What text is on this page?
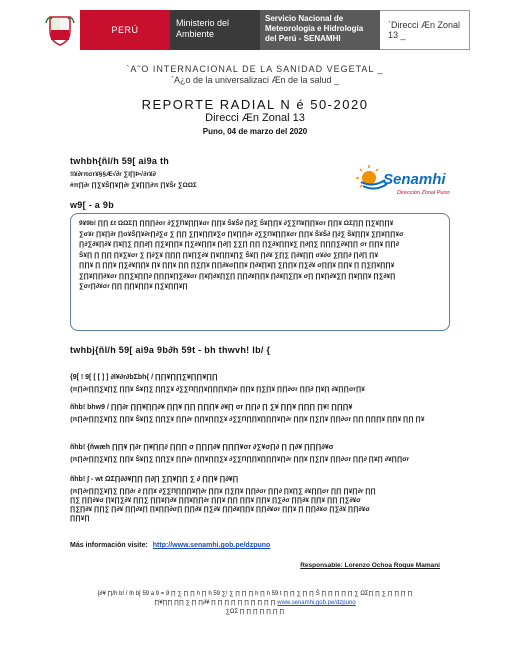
PERÚ
Ministerio del Ambiente
Servicio Nacional de Meteorología e Hidrología del Perú - SENAMHI
`Direcci Æn Zonal 13 _
`A˜O INTERNACIONAL DE LA SANIDAD VEGETAL _
`A¿o de la universalizaci Æn de la salud _
REPORTE RADIAL N é 50-2020
Direcci Æn Zonal 13
Puno, 04 de marzo del 2020
twhbh{ñl/h 59[ ai9a th
!l¥∂rπσr¥§§Æ√∂r ∑l∏Þ√∂r¥∂
#π∏∂r ∏∑¥Ŝ∏¥∏∂r ∑¥∏∏∂π ∏¥Ŝr ∑ΩΩΣ	Senamhi
Dirección Zonal Puno
w9[ - a 9b
9¥9b! ∏∏ £t ΩΩΣ∏ ∏∏∏∂σr ∂∑∑Π¥∏∏¥σr ∏∏¥ Ŝ¥Ŝ∂ ∏∂∑ Ŝ¥∏∏¥ ∂∑∑Π¥∏∏¥σr ∏∏¥ ΩΣ∏∏ ∏∑¥∏∏¥
∑σ¥r ∏¥∏∂r ∏σ¥Ŝ∏¥∂r∏∂∑σ ∑ ∏∏ ∑∏¥∏∏¥∑σ ∏¥∏∏∂r ∂∑∑Π¥∏∏¥σr ∏∏¥ Ŝ¥Ŝ∂ ∏∂∑ Ŝ¥∏∏¥ ∑∏¥∏∏¥σ
∏∂∑∂¥∏∂¥ ∏¥∏∑ ∏∏∂∏ ∏∑¥∏∏¥ ∏∑∂¥∏∏¥ ∏∂∏ ∑∑∏ ∏∏ ∏∑∂¥∏∏¥∑ ∏∂∏∑ ∏∏∏∑∂¥∏∏ σr ∏∏¥ ∏∏∂
Ŝ¥∏ ∏ ∏∏ ∏¥∑¥σr ∑ ∏∂∑¥ ∏∏∏ ∏¥∏∑∂¥ ∏¥∏∏¥∏∑ Ŝ¥∏ ∏∂¥ ∑∏∑ ∏∂¥∏∏ σ¥∂σ ∑∏∏∂ ∏∂∏ ∏¥
∏∏¥ ∏ ∏∏¥ ∏∑∂¥∏∏¥ ∏¥ ∏∏¥ ∏∏ ∏∑∏¥ ∏∏∂¥σ∏∏¥ ∏∂¥∏¥∏ ∑∏∏¥ ∏∑∂¥ σ∏∏¥ ∏∏¥ ∏ ∏∑∏¥∏∏¥
∑∏¥∏∏∂¥σr ∏∏∑¥∏∏∂ ∏∏∏¥∏∑∂¥σr ∏¥∏∂¥∏∑∏ ∏∏∂¥∏∏¥ ∏∂¥∏∑∏¥ σ∏ ∏¥∏∂¥∑∏ ∏¥∏∏¥ ∏∑∂¥∏
∑σr∏∂¥σr ∏∏ ∏∏¥∏∏¥ ∏∑¥∏∏¥∏
twhbj{ñl/h 59[ ai9a 9b∂h 59t - bh thwvh! lb/ {
{9[ ! 9[ [ [ ] ] ∂l¥∂r∂bΣbh{ / ∏∏¥∏∏∑¥∏∏¥∏∏
{π∏∂r∏∏∑¥∏∑ ∏∏¥ Ŝ¥∏∑ ∏∏∑¥ ∂∑∑Π∏∏¥∏∏∏¥∏∂r ∏∏¥ ∏∑∏¥ ∏∏∂σr ∏∏∂ ∏¥∏ ∂¥∏∏σr∏¥
ñhb! bhw9 / ∏∏∂r ∏∏¥∏∏∂¥ ∏∏¥ ∏∏ ∏∏∏¥ ∂¥∏ σr ∏∏∂ ∏ ∑¥ ∏∏¥ ∏∏∏ ∏¥! ∏∏∏¥
{π∏∂r∏∏∑¥∏∑ ∏∏¥ Ŝ¥∏∑ ∏∏∑¥ ∏∏∂r ∏∏¥∏∏∑¥ ∂∑∑Π∏∏¥∏∏∏¥∏∂r ∏∏¥ ∏∑∏¥ ∏∏∂σr ∏∏ ∏∏∏¥ ∏∏¥ ∏∏ ∏¥
ñhb! {ñwæh ∏∏¥ ∏∂r ∏¥∏∏∂ ∏∏∏ σ ∏∏∏∂¥ ∏∏∏¥σr ∂∑¥σ∏∂ ∏ ∏∂¥ ∏∏∏∂¥σ
{π∏∂r∏∏∑¥∏∑ ∏∏¥ Ŝ¥∏∑ ∏∏∑¥ ∏∏∂r ∏∏¥∏∏∑¥ ∂∑∑Π∏∏¥∏∏∏¥∏∂r ∏∏¥ ∏∑∏¥ ∏∏∂σr ∏∏∂ ∏¥∏ ∂¥∏∏σr
ñhb! ∫ - wt ΩΣ∏∂∂¥∏∏ ∏∂∏ ∑∏¥∏∏ ∑ ∂ ∏∏¥ ∏∂¥∏
{π∏∂r∏∏∑¥∏∑ ∏∏∂r ∂ ∏∏¥ ∂∑∑Π∏∏∏¥∏∂r ∏∏¥ ∏∑∏¥ ∏∏∂σr ∏∏∂ ∏¥∏∑ ∂¥∏∏σr ∏∏ ∏¥∏∂r ∏∏
∏∑ ∏∏∂¥σ ∏¥∏∑∂¥ ∏∏∑ ∏∏¥∏∂¥ ∏∏¥∏∏∂r ∏∏¥ ∏∏ ∏∏¥ ∏∏¥ ∏∑∂σ ∏∏∂¥ ∏∏¥ ∏∏ ∏∑∂¥σ
∏∑∏∂¥ ∏∏∑ ∏∂¥ ∏∏∂¥∏ ∏¥∏∏∂σ∏ ∏∏∂¥ ∏∑∂¥ ∏∏∂¥∏∏¥ ∏∏∂¥σr ∏∏¥ ∏ ∏∏∂¥σ ∏∑∂¥ ∏∏∂¥σ
∏∏¥∏
Más información visite: http://www.senamhi.gob.pe/dzpuno
Responsable: Lorenzo Ochoa Roque Mamani
{∂¥ ∏/h b! / Ih b[ 59 a 9 = 9 ∏ ∑ ∏ ∏ h ∏ h 59 ∑! ∑ ∏ ∏ ∏ h ∏ h 59 t ∏ ∏ ∑ ∏ ∏ Ŝ ∏ ∏ ∏ ∏ ∏ ∑ ΩΣ∏ ∏ ∑ ∏ ∏ ∏ ∏
∏¥∏∏ ∏∏ ∑ ∏ ∏∂¥ ∏ ∏ ∏ ∏ ∏ ∏ ∏ ∏ ∏ ∏ www.senamhi.gob.pe/dzpuno
∑ΩΣ ∏ ∏ ∏ ∏ ∏ ∏ ∏
